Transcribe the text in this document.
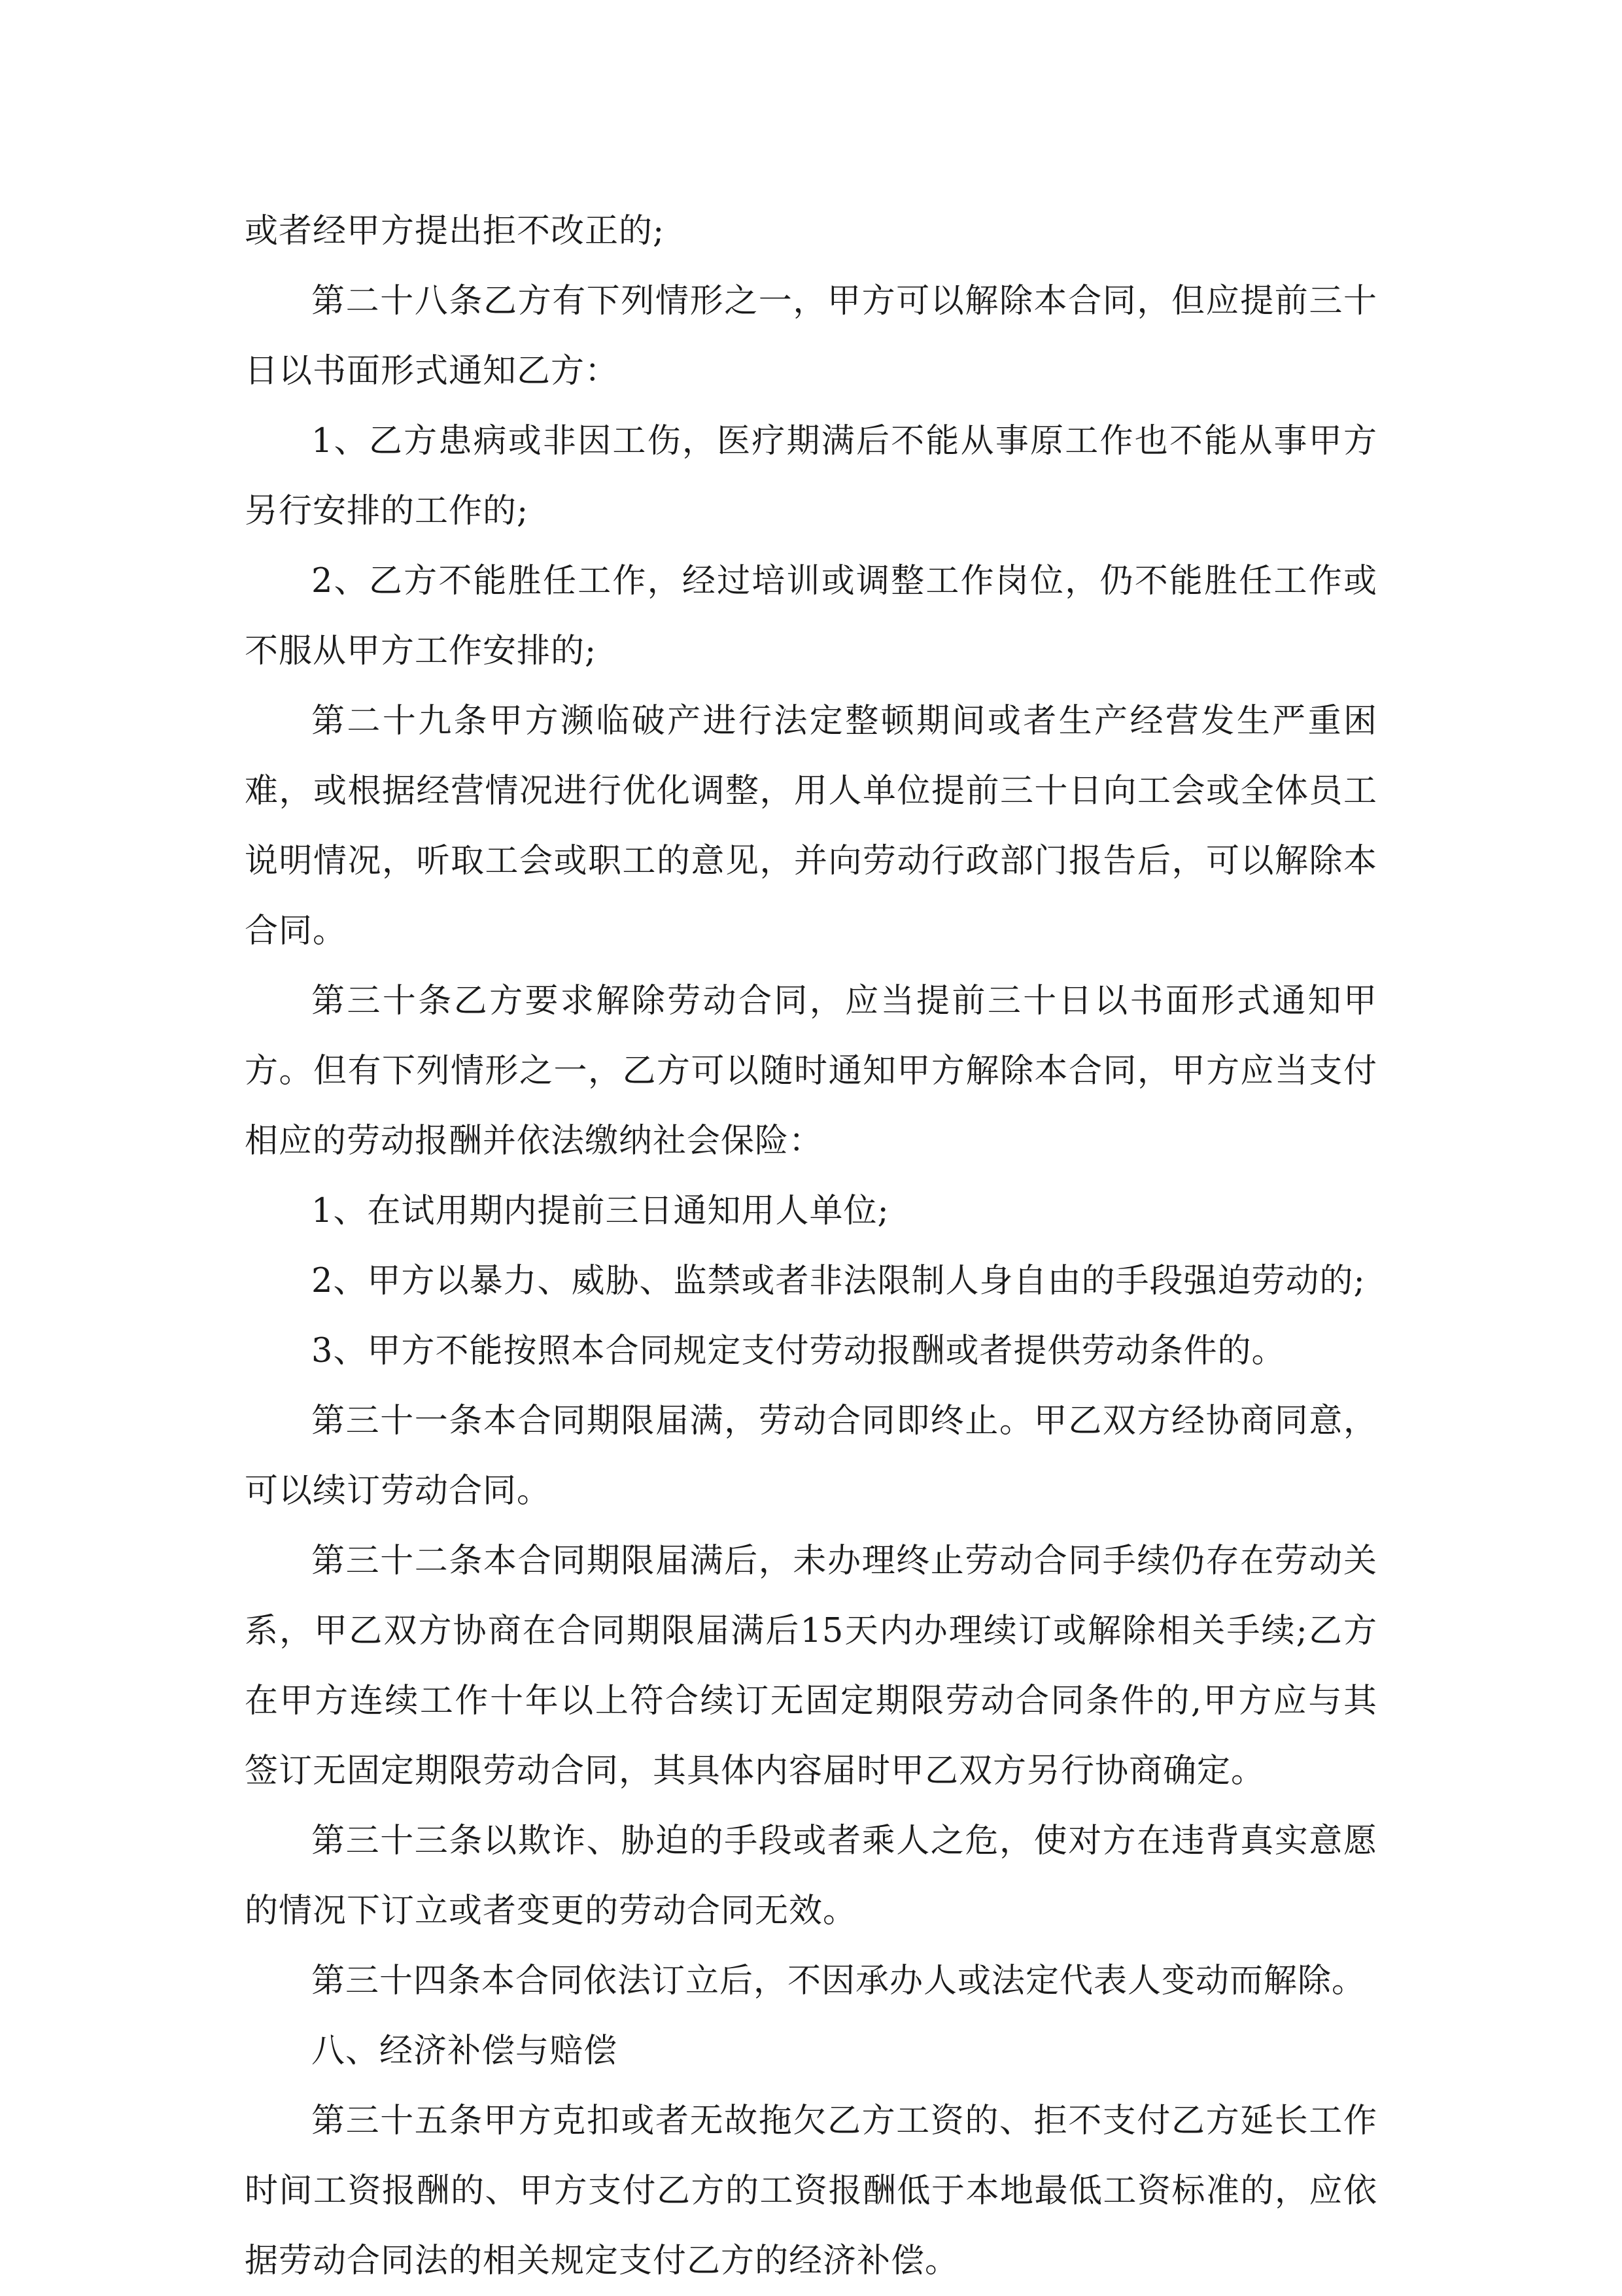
或者经甲方提出拒不改正的;

第二十八条乙方有下列情形之一，甲方可以解除本合同，但应提前三十日以书面形式通知乙方：

1、乙方患病或非因工伤，医疗期满后不能从事原工作也不能从事甲方另行安排的工作的;

2、乙方不能胜任工作，经过培训或调整工作岗位，仍不能胜任工作或不服从甲方工作安排的;

第二十九条甲方濒临破产进行法定整顿期间或者生产经营发生严重困难，或根据经营情况进行优化调整，用人单位提前三十日向工会或全体员工说明情况，听取工会或职工的意见，并向劳动行政部门报告后，可以解除本合同。

第三十条乙方要求解除劳动合同，应当提前三十日以书面形式通知甲方。但有下列情形之一，乙方可以随时通知甲方解除本合同，甲方应当支付相应的劳动报酬并依法缴纳社会保险：

1、在试用期内提前三日通知用人单位;

2、甲方以暴力、威胁、监禁或者非法限制人身自由的手段强迫劳动的;

3、甲方不能按照本合同规定支付劳动报酬或者提供劳动条件的。

第三十一条本合同期限届满，劳动合同即终止。甲乙双方经协商同意，可以续订劳动合同。

第三十二条本合同期限届满后，未办理终止劳动合同手续仍存在劳动关系，甲乙双方协商在合同期限届满后15天内办理续订或解除相关手续;乙方在甲方连续工作十年以上符合续订无固定期限劳动合同条件的,甲方应与其签订无固定期限劳动合同，其具体内容届时甲乙双方另行协商确定。

第三十三条以欺诈、胁迫的手段或者乘人之危，使对方在违背真实意愿的情况下订立或者变更的劳动合同无效。

第三十四条本合同依法订立后，不因承办人或法定代表人变动而解除。

八、经济补偿与赔偿

第三十五条甲方克扣或者无故拖欠乙方工资的、拒不支付乙方延长工作时间工资报酬的、甲方支付乙方的工资报酬低于本地最低工资标准的，应依据劳动合同法的相关规定支付乙方的经济补偿。
